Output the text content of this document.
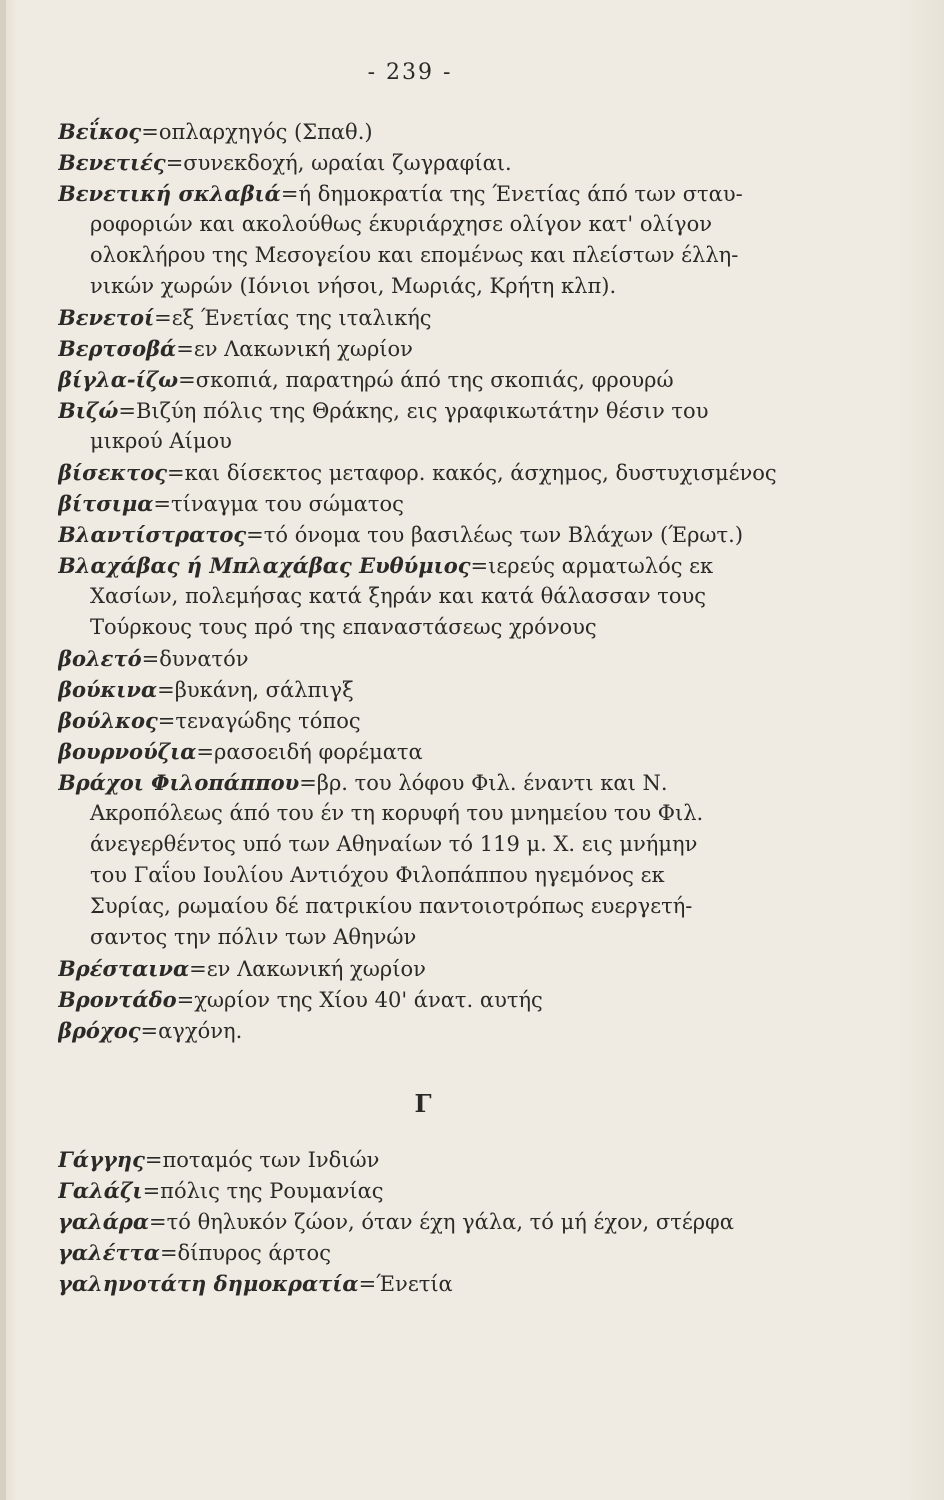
- 239 -
Βεΐκος=οπλαρχηγός (Σπαθ.)
Βενετιές=συνεκδοχή, ωραίαι ζωγραφίαι.
Βενετική σκλαβιά=ή δημοκρατία της Ένετίας άπό των σταυ-
ροφοριών και ακολούθως έκυριάρχησε ολίγον κατ' ολίγον
ολοκλήρου της Μεσογείου και επομένως και πλείστων έλλη-
νικών χωρών (Ιόνιοι νήσοι, Μωριάς, Κρήτη κλπ).
Βενετοί=εξ Ένετίας της ιταλικής
Βερτσοβά=εν Λακωνική χωρίον
βίγλα-ίζω=σκοπιά, παρατηρώ άπό της σκοπιάς, φρουρώ
Βιζώ=Βιζύη πόλις της Θράκης, εις γραφικωτάτην θέσιν του
μικρού Αίμου
βίσεκτος=και δίσεκτος μεταφορ. κακός, άσχημος, δυστυχισμένος
βίτσιμα=τίναγμα του σώματος
Βλαντίστρατος=τό όνομα του βασιλέως των Βλάχων (Έρωτ.)
Βλαχάβας ή Μπλαχάβας Ευθύμιος=ιερεύς αρματωλός εκ
Χασίων, πολεμήσας κατά ξηράν και κατά θάλασσαν τους
Τούρκους τους πρό της επαναστάσεως χρόνους
βολετό=δυνατόν
βούκινα=βυκάνη, σάλπιγξ
βούλκος=τεναγώδης τόπος
βουρνούζια=ρασοειδή φορέματα
Βράχοι Φιλοπάππου=βρ. του λόφου Φιλ. έναντι και Ν.
Ακροπόλεως άπό του έν τη κορυφή του μνημείου του Φιλ.
άνεγερθέντος υπό των Αθηναίων τό 119 μ. Χ. εις μνήμην
του Γαΐου Ιουλίου Αντιόχου Φιλοπάππου ηγεμόνος εκ
Συρίας, ρωμαίου δέ πατρικίου παντοιοτρόπως ευεργετή-
σαντος την πόλιν των Αθηνών
Βρέσταινα=εν Λακωνική χωρίον
Βροντάδο=χωρίον της Χίου 40' άνατ. αυτής
βρόχος=αγχόνη.
Γ
Γάγγης=ποταμός των Ινδιών
Γαλάζι=πόλις της Ρουμανίας
γαλάρα=τό θηλυκόν ζώον, όταν έχη γάλα, τό μή έχον, στέρφα
γαλέττα=δίπυρος άρτος
γαληνοτάτη δημοκρατία=Ένετία
